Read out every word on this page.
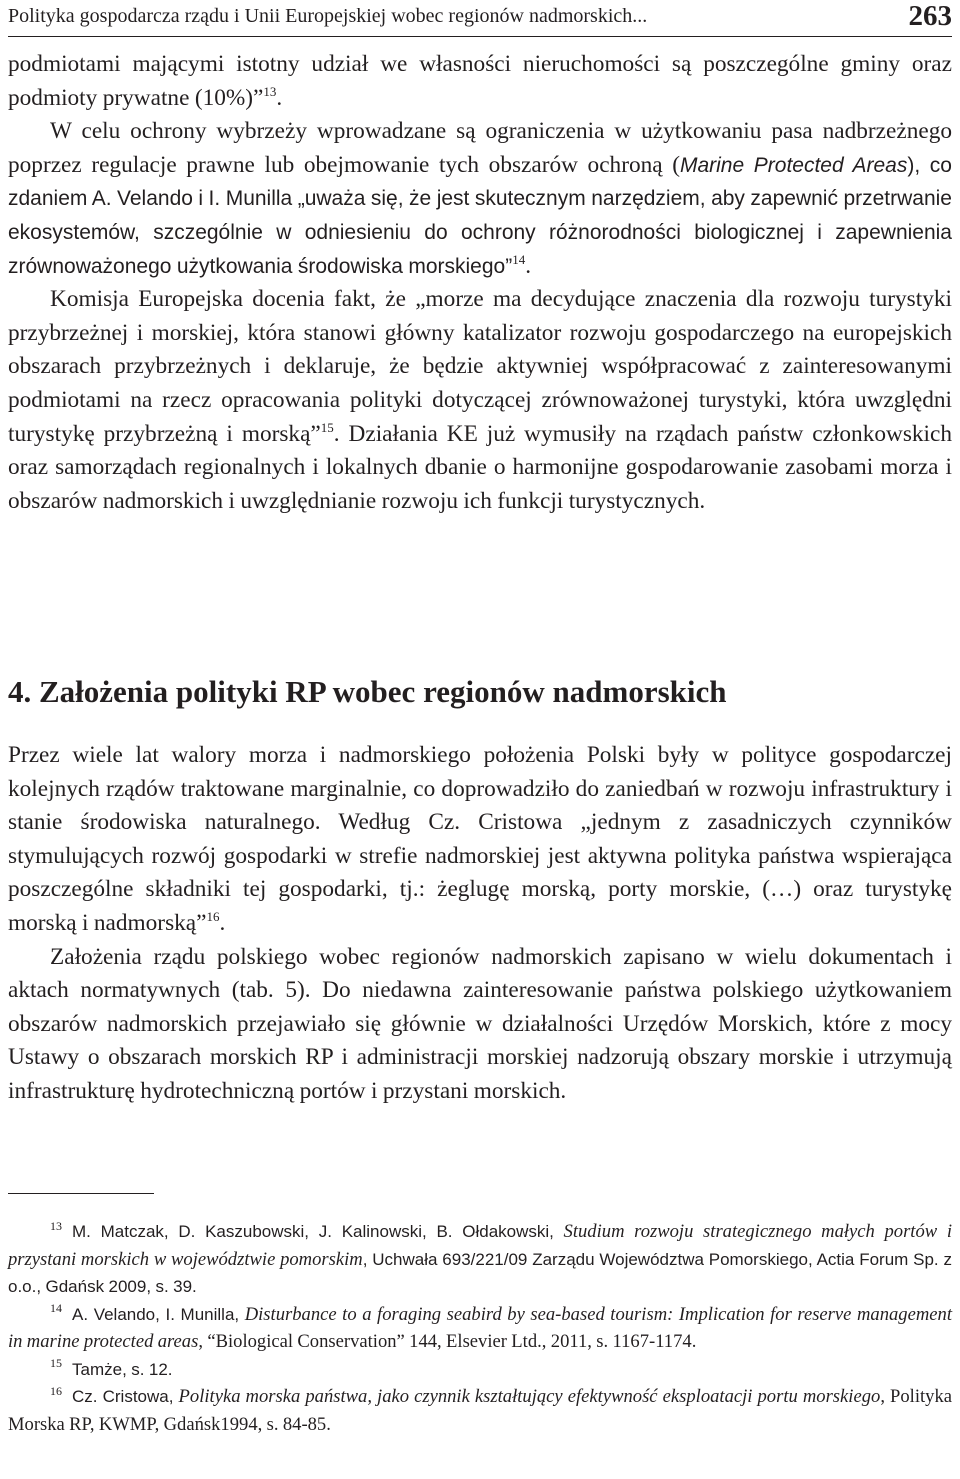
Polityka gospodarcza rządu i Unii Europejskiej wobec regionów nadmorskich...	263

podmiotami mającymi istotny udział we własności nieruchomości są poszczególne gminy oraz podmioty prywatne (10%)”$^{13}$.

W celu ochrony wybrzeży wprowadzane są ograniczenia w użytkowaniu pasa nadbrzeżnego poprzez regulacje prawne lub obejmowanie tych obszarów ochroną (Marine Protected Areas), co zdaniem A. Velando i I. Munilla „uważa się, że jest skutecznym narzędziem, aby zapewnić przetrwanie ekosystemów, szczególnie w odniesieniu do ochrony różnorodności biologicznej i zapewnienia zrównoważonego użytkowania środowiska morskiego”$^{14}$.

Komisja Europejska docenia fakt, że „morze ma decydujące znaczenia dla rozwoju turystyki przybrzeżnej i morskiej, która stanowi główny katalizator rozwoju gospodarczego na europejskich obszarach przybrzeżnych i deklaruje, że będzie aktywniej współpracować z zainteresowanymi podmiotami na rzecz opracowania polityki dotyczącej zrównoważonej turystyki, która uwzględni turystykę przybrzeżną i morską”$^{15}$. Działania KE już wymusiły na rządach państw członkowskich oraz samorządach regionalnych i lokalnych dbanie o harmonijne gospodarowanie zasobami morza i obszarów nadmorskich i uwzględnianie rozwoju ich funkcji turystycznych.

4. Założenia polityki RP wobec regionów nadmorskich

Przez wiele lat walory morza i nadmorskiego położenia Polski były w polityce gospodarczej kolejnych rządów traktowane marginalnie, co doprowadziło do zaniedbań w rozwoju infrastruktury i stanie środowiska naturalnego. Według Cz. Cristowa „jednym z zasadniczych czynników stymulujących rozwój gospodarki w strefie nadmorskiej jest aktywna polityka państwa wspierająca poszczególne składniki tej gospodarki, tj.: żeglugę morską, porty morskie, (…) oraz turystykę morską i nadmorską”$^{16}$.

Założenia rządu polskiego wobec regionów nadmorskich zapisano w wielu dokumentach i aktach normatywnych (tab. 5). Do niedawna zainteresowanie państwa polskiego użytkowaniem obszarów nadmorskich przejawiało się głównie w działalności Urzędów Morskich, które z mocy Ustawy o obszarach morskich RP i administracji morskiej nadzorują obszary morskie i utrzymują infrastrukturę hydrotechniczną portów i przystani morskich.

$^{13}$ M. Matczak, D. Kaszubowski, J. Kalinowski, B. Ołdakowski, Studium rozwoju strategicznego małych portów i przystani morskich w województwie pomorskim, Uchwała 693/221/09 Zarządu Województwa Pomorskiego, Actia Forum Sp. z o.o., Gdańsk 2009, s. 39.

$^{14}$ A. Velando, I. Munilla, Disturbance to a foraging seabird by sea-based tourism: Implication for reserve management in marine protected areas, “Biological Conservation” 144, Elsevier Ltd., 2011, s. 1167-1174.

$^{15}$ Tamże, s. 12.

$^{16}$ Cz. Cristowa, Polityka morska państwa, jako czynnik kształtujący efektywność eksploatacji portu morskiego, Polityka Morska RP, KWMP, Gdańsk1994, s. 84-85.
